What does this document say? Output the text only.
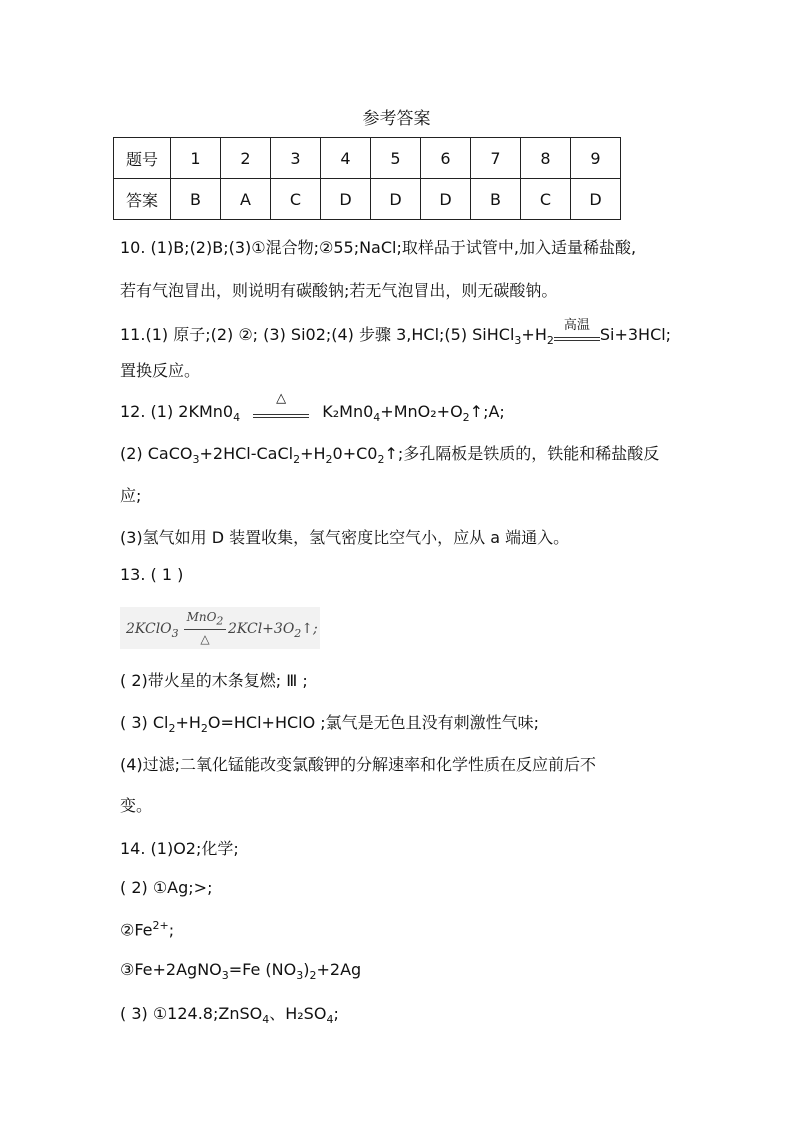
参考答案
题号	1	2	3	4	5	6	7	8	9
答案	B	A	C	D	D	D	B	C	D
10. (1)B;(2)B;(3)①混合物;②55;NaCl;取样品于试管中,加入适量稀盐酸,
若有气泡冒出，则说明有碳酸钠;若无气泡冒出，则无碳酸钠。
11.(1) 原子;(2) ②; (3) Si02;(4) 步骤 3,HCl;(5) $SiHCl_3+H_2$
高温 Si+3HCl;
置换反应。
12. (1) $2KMn0_4$
△
$K_2Mn0_4+MnO_2+O_2↑;A$;
(2) $CaCO_3+2HCl-CaCl_2+H_20+C0_2↑$;多孔隔板是铁质的，铁能和稀盐酸反
应;
(3)氢气如用 D 装置收集，氢气密度比空气小，应从 a 端通入。
13. ( 1 )
2KClO$_3$
MnO$_2$
△
$2KCl+3O_2↑$;
( 2)带火星的木条复燃; Ⅲ ;
( 3) $Cl_2+H_2O=HCl+HClO$ ;氯气是无色且没有刺激性气味;
(4)过滤;二氧化锰能改变氯酸钾的分解速率和化学性质在反应前后不
变。
14. (1)O2;化学;
( 2) ①Ag;>;
$②Fe^{2+}$;
③Fe+2AgNO$_3$=Fe $(NO_3)_2+2Ag$
( 3) ①124.8;ZnSO$_4$、$H_2SO_4$;
